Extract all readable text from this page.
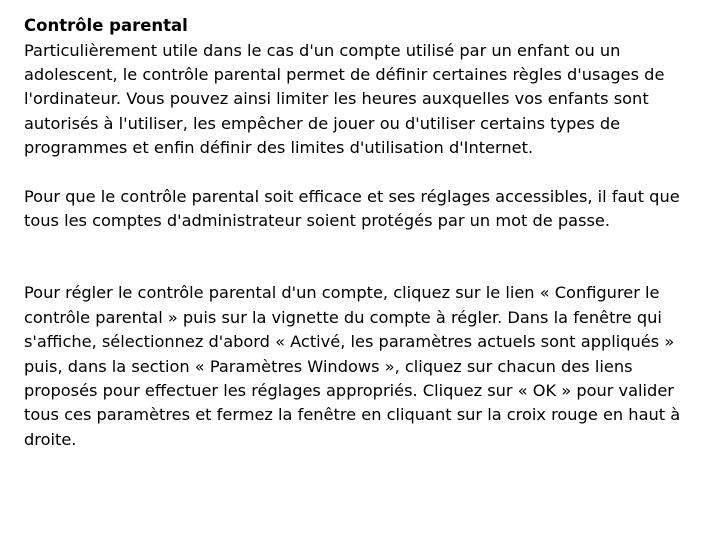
Contrôle parental

Particulièrement utile dans le cas d'un compte utilisé par un enfant ou un adolescent, le contrôle parental permet de définir certaines règles d'usages de l'ordinateur. Vous pouvez ainsi limiter les heures auxquelles vos enfants sont autorisés à l'utiliser, les empêcher de jouer ou d'utiliser certains types de programmes et enfin définir des limites d'utilisation d'Internet.

Pour que le contrôle parental soit efficace et ses réglages accessibles, il faut que tous les comptes d'administrateur soient protégés par un mot de passe.

Pour régler le contrôle parental d'un compte, cliquez sur le lien « Configurer le contrôle parental » puis sur la vignette du compte à régler. Dans la fenêtre qui s'affiche, sélectionnez d'abord « Activé, les paramètres actuels sont appliqués » puis, dans la section « Paramètres Windows », cliquez sur chacun des liens proposés pour effectuer les réglages appropriés. Cliquez sur « OK » pour valider tous ces paramètres et fermez la fenêtre en cliquant sur la croix rouge en haut à droite.
